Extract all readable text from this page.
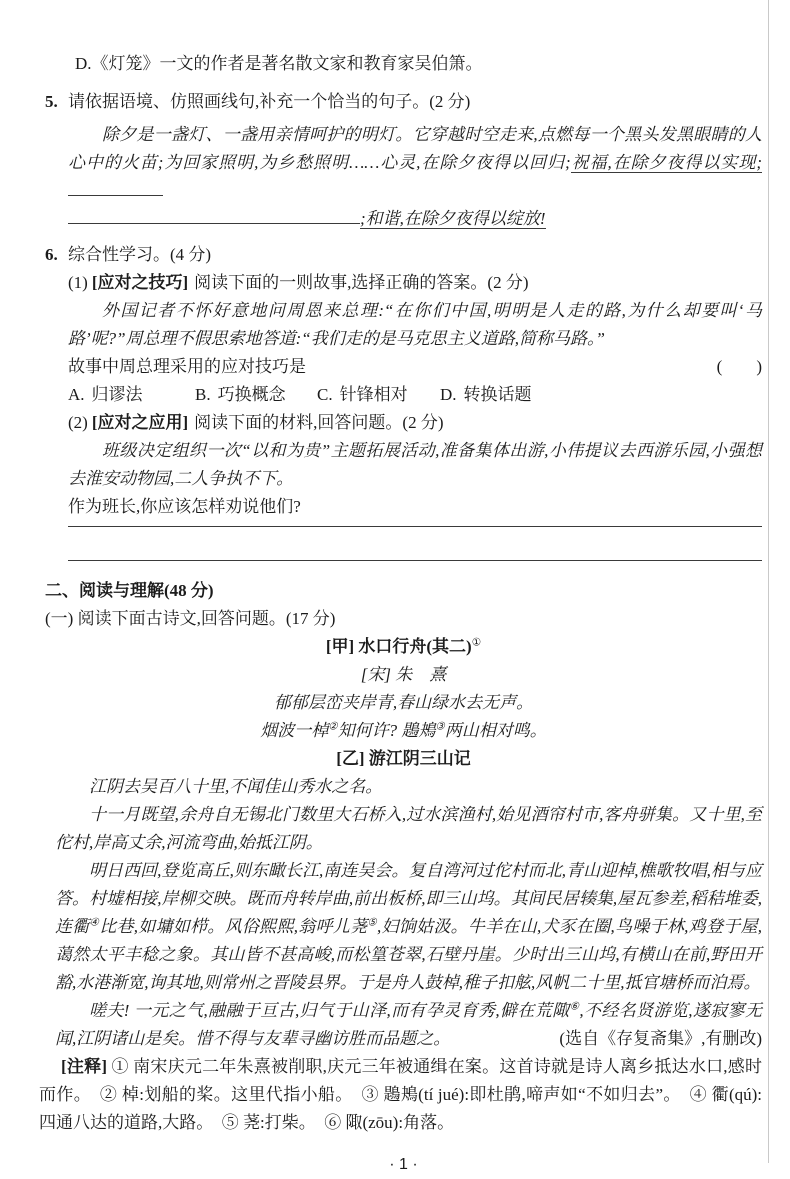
D.《灯笼》一文的作者是著名散文家和教育家吴伯箫。
5. 请依据语境、仿照画线句,补充一个恰当的句子。(2 分)

除夕是一盏灯、一盏用亲情呵护的明灯。它穿越时空走来,点燃每一个黑头发黑眼睛的人心中的火苗;为回家照明,为乡愁照明……心灵,在除夕夜得以回归;祝福,在除夕夜得以实现;

;和谐,在除夕夜得以绽放!
6. 综合性学习。(4 分)
(1) [应对之技巧] 阅读下面的一则故事,选择正确的答案。(2 分)

外国记者不怀好意地问周恩来总理:“在你们中国,明明是人走的路,为什么却要叫‘马路’呢?”周总理不假思索地答道:“我们走的是马克思主义道路,简称马路。”

故事中周总理采用的应对技巧是	(　　)
A. 归谬法	B. 巧换概念	C. 针锋相对	D. 转换话题
(2) [应对之应用] 阅读下面的材料,回答问题。(2 分)

班级决定组织一次“以和为贵”主题拓展活动,准备集体出游,小伟提议去西游乐园,小强想去淮安动物园,二人争执不下。

作为班长,你应该怎样劝说他们?
二、阅读与理解(48 分)
(一) 阅读下面古诗文,回答问题。(17 分)
[甲] 水口行舟(其二)①
[宋] 朱　熹
郁郁层峦夹岸青,春山绿水去无声。
烟波一棹②知何许? 鶗鴂③两山相对鸣。
[乙] 游江阴三山记

江阴去吴百八十里,不闻佳山秀水之名。

十一月既望,余舟自无锡北门数里大石桥入,过水滨渔村,始见酒帘村市,客舟骈集。又十里,至佗村,岸高丈余,河流弯曲,始抵江阴。

明日西回,登览高丘,则东瞰长江,南连吴会。复自湾河过佗村而北,青山迎棹,樵歌牧唱,相与应答。村墟相接,岸柳交映。既而舟转岸曲,前出板桥,即三山坞。其间民居辏集,屋瓦参差,稻秸堆委,连衢④比巷,如墉如栉。风俗熙熙,翁呼儿荛⑤,妇饷姑汲。牛羊在山,犬豕在圈,鸟噪于林,鸡登于屋,蔼然太平丰稔之象。其山皆不甚高峻,而松篁苍翠,石壁丹崖。少时出三山坞,有横山在前,野田开豁,水港渐宽,询其地,则常州之晋陵县界。于是舟人鼓棹,稚子扣舷,风帆二十里,抵官塘桥而泊焉。

嗟夫! 一元之气,融融于亘古,归气于山泽,而有孕灵育秀,僻在荒陬⑥,不经名贤游览,遂寂寥无闻,江阴诸山是矣。惜不得与友辈寻幽访胜而品题之。	(选自《存复斋集》,有删改)

[注释] ① 南宋庆元二年朱熹被削职,庆元三年被通缉在案。这首诗就是诗人离乡抵达水口,感时而作。　② 棹:划船的桨。这里代指小船。　③ 鶗鴂(tí jué):即杜鹃,啼声如“不如归去”。　④ 衢(qú):四通八达的道路,大路。　⑤ 荛:打柴。　⑥ 陬(zōu):角落。

· 1 ·
